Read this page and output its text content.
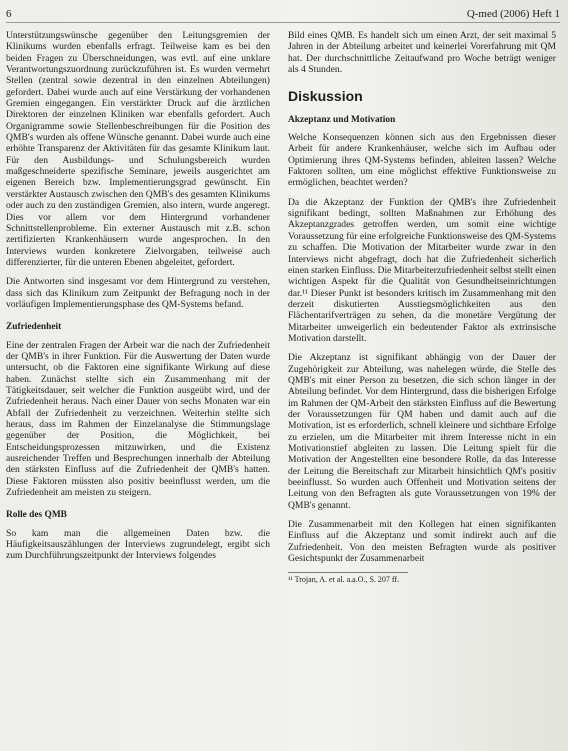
6	Q-med (2006) Heft 1

Unterstützungswünsche gegenüber den Leitungsgremien der Klinikums wurden ebenfalls erfragt. Teilweise kam es bei den beiden Fragen zu Überschneidungen, was evtl. auf eine unklare Verantwortungszuordnung zurückzuführen ist. Es wurden vermehrt Stellen (zentral sowie dezentral in den einzelnen Abteilungen) gefordert. Dabei wurde auch auf eine Verstärkung der vorhandenen Gremien eingegangen. Ein verstärkter Druck auf die ärztlichen Direktoren der einzelnen Kliniken war ebenfalls gefordert. Auch Organigramme sowie Stellenbeschreibungen für die Position des QMB's wurden als offene Wünsche genannt. Dabei wurde auch eine erhöhte Transparenz der Aktivitäten für das gesamte Klinikum laut. Für den Ausbildungs- und Schulungsbereich wurden maßgeschneiderte spezifische Seminare, jeweils ausgerichtet am eigenen Bereich bzw. Implementierungsgrad gewünscht. Ein verstärkter Austausch zwischen den QMB's des gesamten Klinikums oder auch zu den zuständigen Gremien, also intern, wurde angeregt. Dies vor allem vor dem Hintergrund vorhandener Schnittstellenprobleme. Ein externer Austausch mit z.B. schon zertifizierten Krankenhäusern wurde angesprochen. In den Interviews wurden konkretere Zielvorgaben, teilweise auch differenzierter, für die unteren Ebenen abgeleitet, gefordert.

Die Antworten sind insgesamt vor dem Hintergrund zu verstehen, dass sich das Klinikum zum Zeitpunkt der Befragung noch in der vorläufigen Implementierungsphase des QM-Systems befand.

Zufriedenheit

Eine der zentralen Fragen der Arbeit war die nach der Zufriedenheit der QMB's in ihrer Funktion. Für die Auswertung der Daten wurde untersucht, ob die Faktoren eine signifikante Wirkung auf diese haben. Zunächst stellte sich ein Zusammenhang mit der Tätigkeitsdauer, seit welcher die Funktion ausgeübt wird, und der Zufriedenheit heraus. Nach einer Dauer von sechs Monaten war ein Abfall der Zufriedenheit zu verzeichnen. Weiterhin stellte sich heraus, dass im Rahmen der Einzelanalyse die Stimmungslage gegenüber der Position, die Möglichkeit, bei Entscheidungsprozessen mitzuwirken, und die Existenz ausreichender Treffen und Besprechungen innerhalb der Abteilung den stärksten Einfluss auf die Zufriedenheit der QMB's hatten. Diese Faktoren müssten also positiv beeinflusst werden, um die Zufriedenheit am meisten zu steigern.

Rolle des QMB

So kam man die allgemeinen Daten bzw. die Häufigkeitsauszählungen der Interviews zugrundelegt, ergibt sich zum Durchführungszeitpunkt der Interviews folgendes

Bild eines QMB. Es handelt sich um einen Arzt, der seit maximal 5 Jahren in der Abteilung arbeitet und keinerlei Vorerfahrung mit QM hat. Der durchschnittliche Zeitaufwand pro Woche beträgt weniger als 4 Stunden.

Diskussion
Akzeptanz und Motivation

Welche Konsequenzen können sich aus den Ergebnissen dieser Arbeit für andere Krankenhäuser, welche sich im Aufbau oder Optimierung ihres QM-Systems befinden, ableiten lassen? Welche Faktoren sollten, um eine möglichst effektive Funktionsweise zu ermöglichen, beachtet werden?

Da die Akzeptanz der Funktion der QMB's ihre Zufriedenheit signifikant bedingt, sollten Maßnahmen zur Erhöhung des Akzeptanzgrades getroffen werden, um somit eine wichtige Voraussetzung für eine erfolgreiche Funktionsweise des QM-Systems zu schaffen. Die Motivation der Mitarbeiter wurde zwar in den Interviews nicht abgefragt, doch hat die Zufriedenheit sicherlich einen starken Einfluss. Die Mitarbeiterzufriedenheit selbst stellt einen wichtigen Aspekt für die Qualität von Gesundheitseinrichtungen dar.¹¹ Dieser Punkt ist besonders kritisch im Zusammenhang mit den derzeit diskutierten Ausstiegsmöglichkeiten aus den Flächentarifverträgen zu sehen, da die monetäre Vergütung der Mitarbeiter unweigerlich ein bedeutender Faktor als extrinsische Motivation darstellt.

Die Akzeptanz ist signifikant abhängig von der Dauer der Zugehörigkeit zur Abteilung, was nahelegen würde, die Stelle des QMB's mit einer Person zu besetzen, die sich schon länger in der Abteilung befindet. Vor dem Hintergrund, dass die bisherigen Erfolge im Rahmen der QM-Arbeit den stärksten Einfluss auf die Bewertung der Voraussetzungen für QM haben und damit auch auf die Motivation, ist es erforderlich, schnell kleinere und sichtbare Erfolge zu erzielen, um die Mitarbeiter mit ihrem Interesse nicht in ein Motivationstief abgleiten zu lassen. Die Leitung spielt für die Motivation der Angestellten eine besondere Rolle, da das Interesse der Leitung die Bereitschaft zur Mitarbeit hinsichtlich QM's positiv beeinflusst. So wurden auch Offenheit und Motivation seitens der Leitung von den Befragten als gute Voraussetzungen von 19% der QMB's genannt.

Die Zusammenarbeit mit den Kollegen hat einen signifikanten Einfluss auf die Akzeptanz und somit indirekt auch auf die Zufriedenheit. Von den meisten Befragten wurde als positiver Gesichtspunkt der Zusammenarbeit

¹¹ Trojan, A. et al. a.a.O., S. 207 ff.
